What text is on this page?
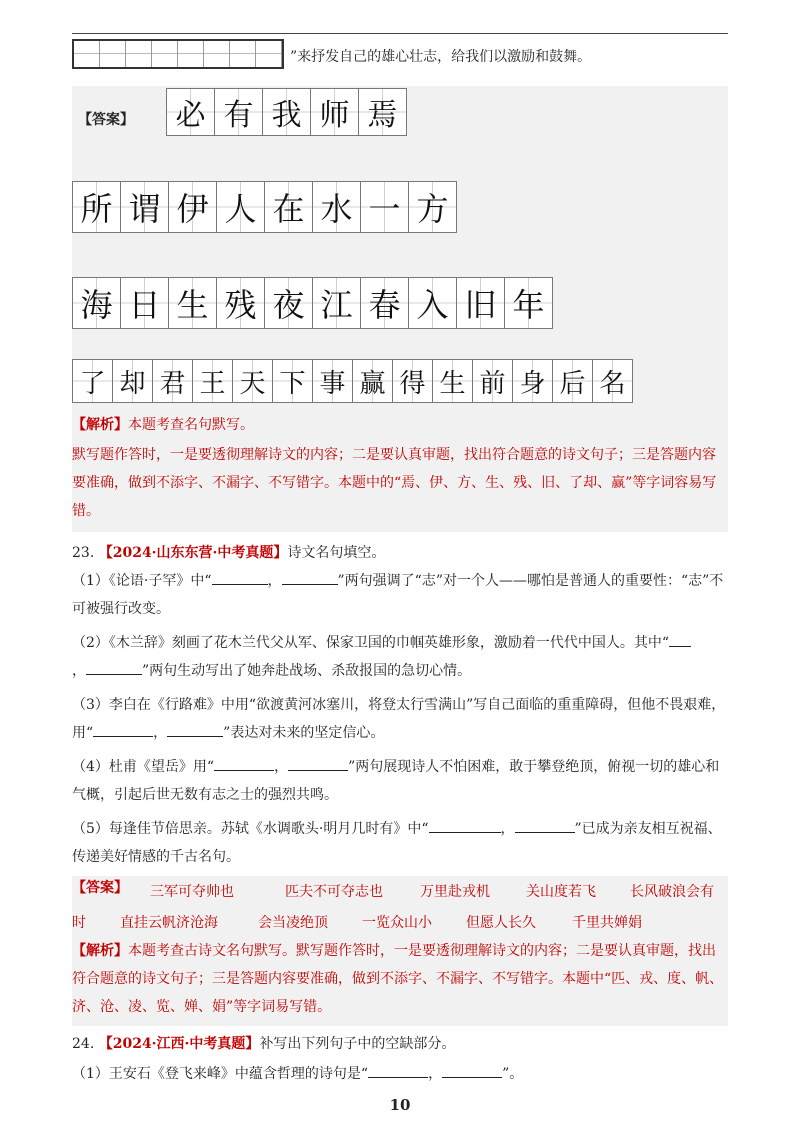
”来抒发自己的雄心壮志，给我们以激励和鼓舞。
【答案】	必 有 我 师 焉
所 谓 伊 人 在 水 一 方
海 日 生 残 夜 江 春 入 旧 年
了 却 君 王 天 下 事 赢 得 生 前 身 后 名
【解析】本题考查名句默写。
默写题作答时，一是要透彻理解诗文的内容；二是要认真审题，找出符合题意的诗文句子；三是答题内容要准确，做到不添字、不漏字、不写错字。本题中的“焉、伊、方、生、残、旧、了却、赢”等字词容易写错。
23. 【2024·山东东营·中考真题】诗文名句填空。
（1）《论语·子罕》中“	，	”两句强调了“志”对一个人——哪怕是普通人的重要性：“志”不可被强行改变。
（2）《木兰辞》刻画了花木兰代父从军、保家卫国的巾帼英雄形象，激励着一代代中国人。其中“
，	”两句生动写出了她奔赴战场、杀敌报国的急切心情。
（3）李白在《行路难》中用“欲渡黄河冰塞川，将登太行雪满山”写自己面临的重重障碍，但他不畏艰难，用“	，	”表达对未来的坚定信心。
（4）杜甫《望岳》用“	，	”两句展现诗人不怕困难，敢于攀登绝顶，俯视一切的雄心和气概，引起后世无数有志之士的强烈共鸣。
（5）每逢佳节倍思亲。苏轼《水调歌头·明月几时有》中“	，	”已成为亲友相互祝福、传递美好情感的千古名句。
【答案】 三军可夺帅也	匹夫不可夺志也	万里赴戎机	关山度若飞 长风破浪会有
时 直挂云帆济沧海	会当凌绝顶 一览众山小 但愿人长久	千里共婵娟
【解析】本题考查古诗文名句默写。默写题作答时，一是要透彻理解诗文的内容；二是要认真审题，找出符合题意的诗文句子；三是答题内容要准确，做到不添字、不漏字、不写错字。本题中“匹、戎、度、帆、济、沧、凌、览、婵、娟”等字词易写错。
24. 【2024·江西·中考真题】补写出下列句子中的空缺部分。
（1）王安石《登飞来峰》中蕴含哲理的诗句是“	，	”。
10
